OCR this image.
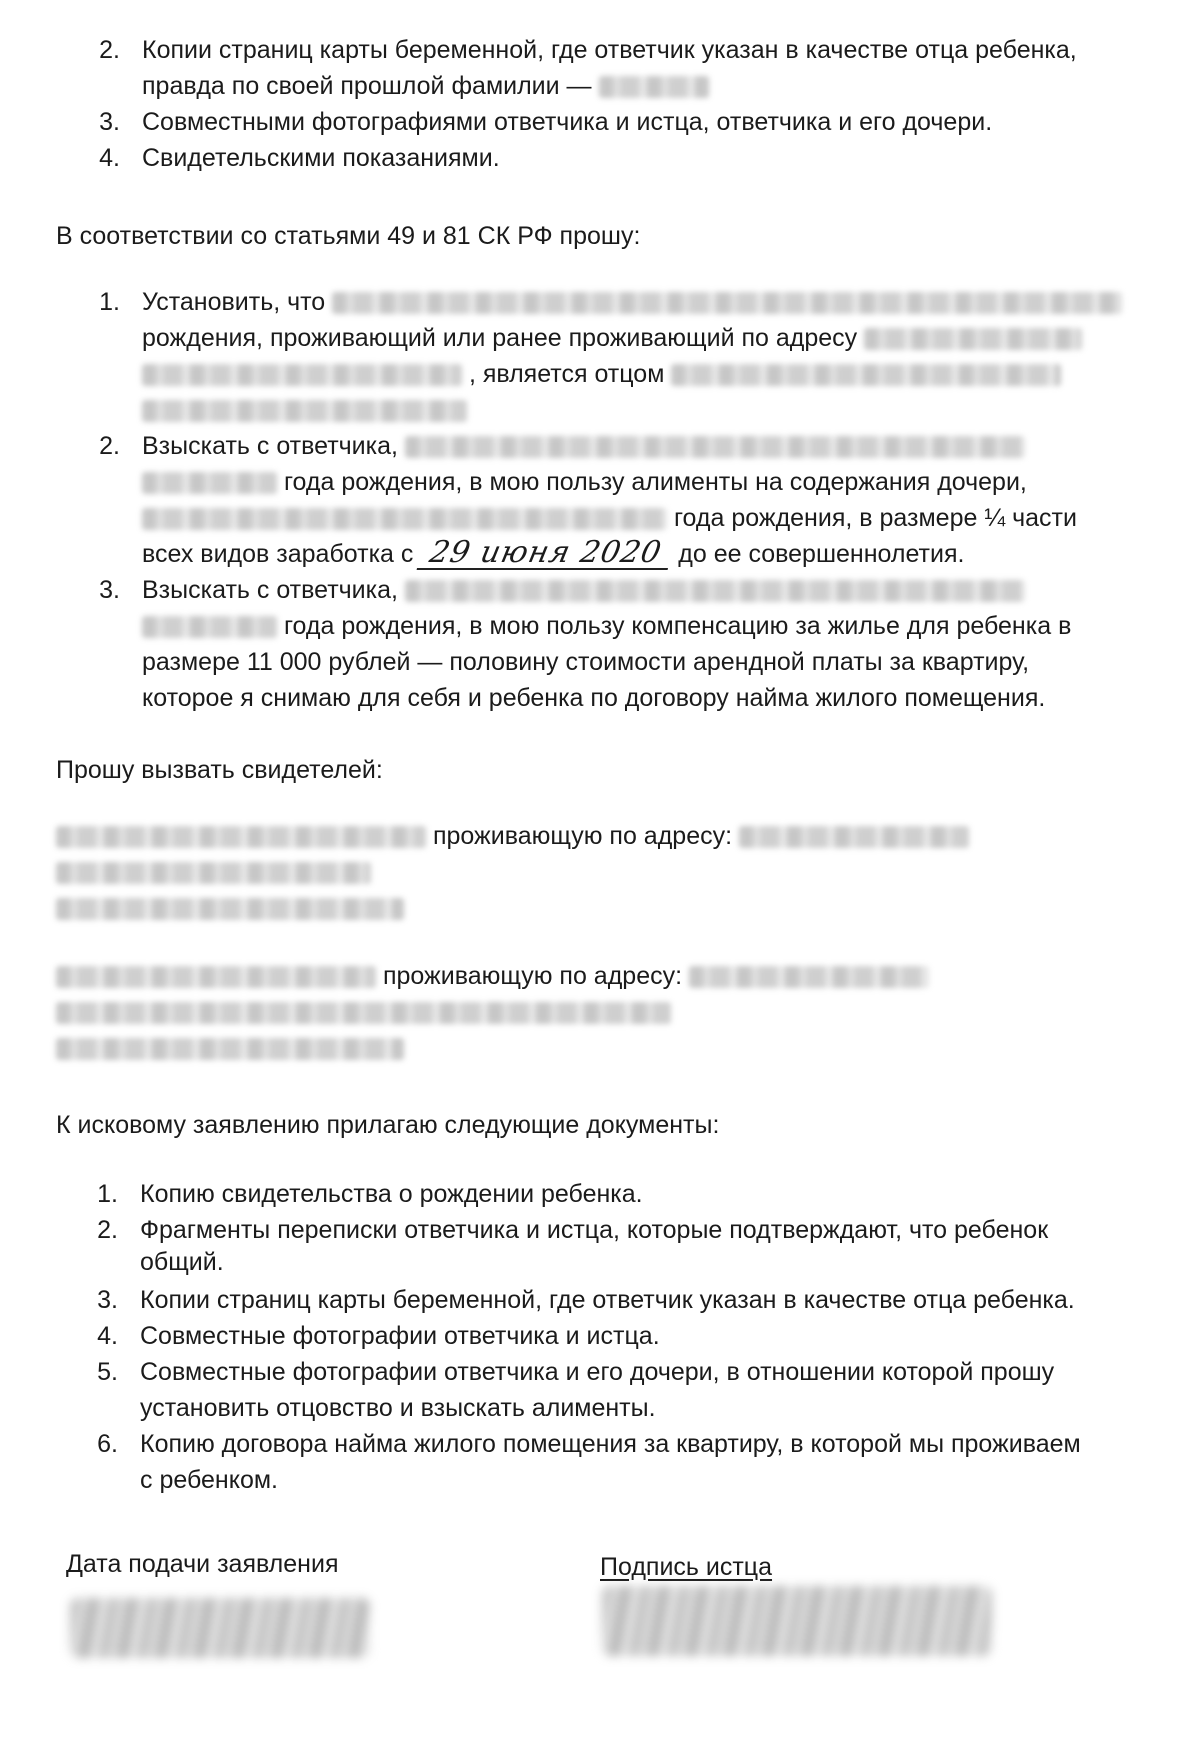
2. Копии страниц карты беременной, где ответчик указан в качестве отца ребенка,
правда по своей прошлой фамилии —
3. Совместными фотографиями ответчика и истца, ответчика и его дочери.
4. Свидетельскими показаниями.
В соответствии со статьями 49 и 81 СК РФ прошу:
1. Установить, что
рождения, проживающий или ранее проживающий по адресу
, является отцом
2. Взыскать с ответчика,
года рождения, в мою пользу алименты на содержания дочери,
года рождения, в размере ¼ части
всех видов заработка с 29 июня 2020 до ее совершеннолетия.
3. Взыскать с ответчика,
года рождения, в мою пользу компенсацию за жилье для ребенка в
размере 11 000 рублей — половину стоимости арендной платы за квартиру,
которое я снимаю для себя и ребенка по договору найма жилого помещения.
Прошу вызвать свидетелей:
проживающую по адресу:
проживающую по адресу:
К исковому заявлению прилагаю следующие документы:
1. Копию свидетельства о рождении ребенка.
2. Фрагменты переписки ответчика и истца, которые подтверждают, что ребенок
общий.
3. Копии страниц карты беременной, где ответчик указан в качестве отца ребенка.
4. Совместные фотографии ответчика и истца.
5. Совместные фотографии ответчика и его дочери, в отношении которой прошу
установить отцовство и взыскать алименты.
6. Копию договора найма жилого помещения за квартиру, в которой мы проживаем
с ребенком.
Дата подачи заявления	Подпись истца
